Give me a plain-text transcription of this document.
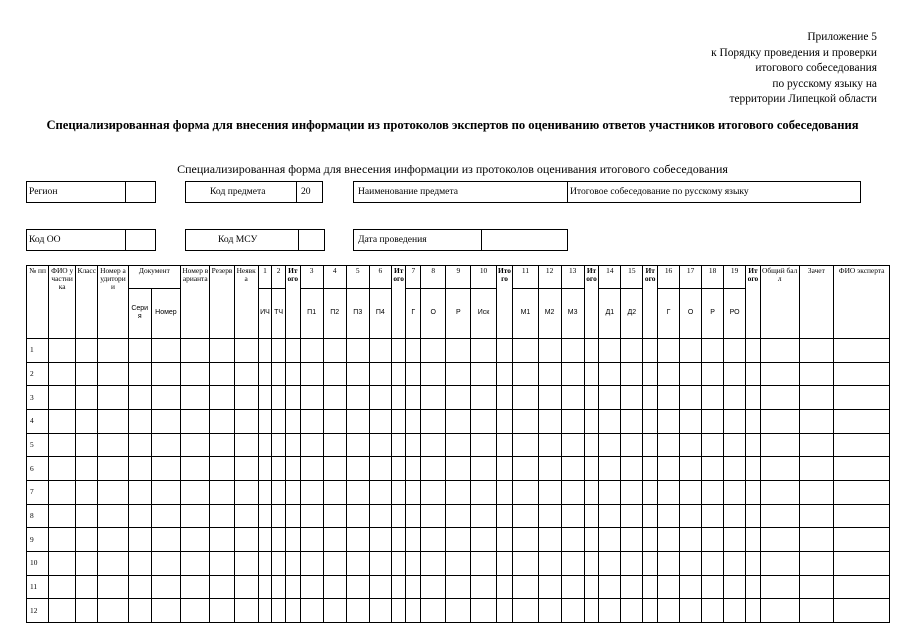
Приложение 5
к Порядку проведения и проверки
итогового собеседования
по русскому языку на
территории Липецкой области
Специализированная форма для внесения информации из протоколов экспертов по оцениванию ответов участников итогового собеседования
Специализированная форма для внесения информации из протоколов оценивания итогового собеседования
Регион	Код предмета	20	Наименование предмета	Итоговое собеседование по русскому языку
Код ОО	Код МСУ	Дата проведения
№ пп	ФИО участника	Класс	Номер аудитории	Документ		Номер варианта	Резерв	Неявка	1	2	Итого	3	4	5	6	Итого	7	8	9	10	Итого	11	12	13	Итого	14	15	Итого	16	17	18	19	Итого	Общий балл	Зачет	ФИО эксперта
				Серия	Номер				ИЧ	ТЧ		П1	П2	П3	П4		Г	О	Р	Иск		М1	М2	М3		Д1	Д2		Г	О	Р	РО				
1																																				
2																																				
3																																				
4																																				
5																																				
6																																				
7																																				
8																																				
9																																				
10																																				
11																																				
12																																				
